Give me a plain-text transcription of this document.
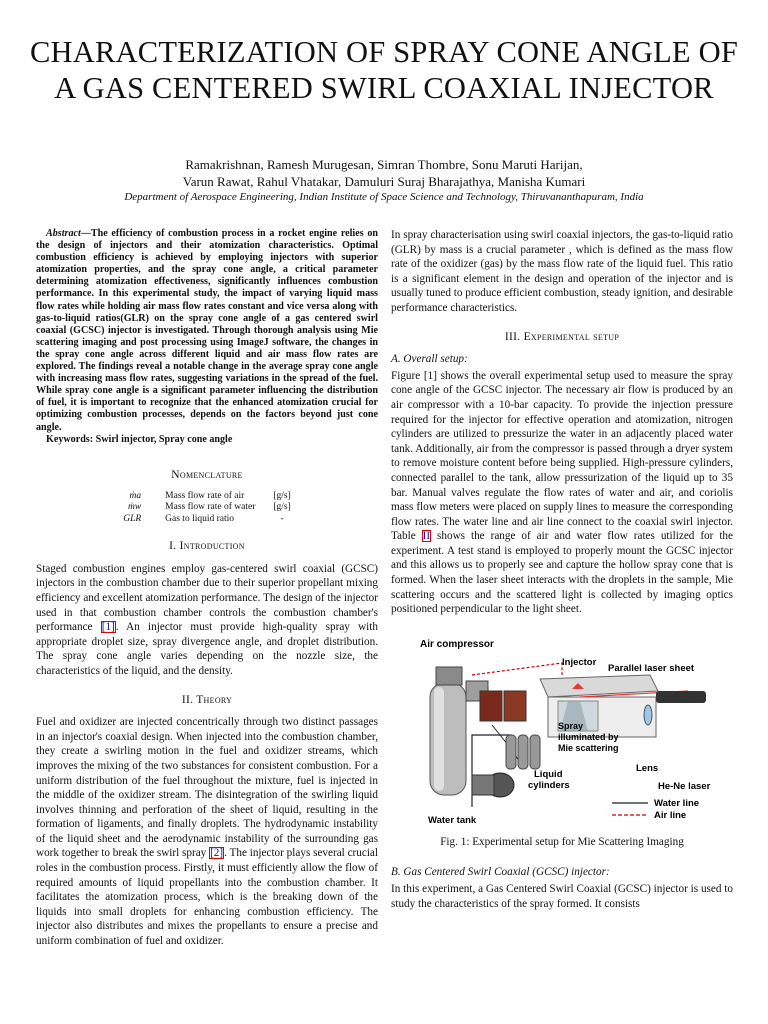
CHARACTERIZATION OF SPRAY CONE ANGLE OF A GAS CENTERED SWIRL COAXIAL INJECTOR
Ramakrishnan, Ramesh Murugesan, Simran Thombre, Sonu Maruti Harijan,
Varun Rawat, Rahul Vhatakar, Damuluri Suraj Bharajathya, Manisha Kumari
Department of Aerospace Engineering, Indian Institute of Space Science and Technology, Thiruvananthapuram, India

Abstract—The efficiency of combustion process in a rocket engine relies on the design of injectors and their atomization characteristics. Optimal combustion efficiency is achieved by employing injectors with superior atomization properties, and the spray cone angle, a critical parameter determining atomization effectiveness, significantly influences combustion performance. In this experimental study, the impact of varying liquid mass flow rates while holding air mass flow rates constant and vice versa along with gas-to-liquid ratios(GLR) on the spray cone angle of a gas centered swirl coaxial (GCSC) injector is investigated. Through thorough analysis using Mie scattering imaging and post processing using ImageJ software, the changes in the spray cone angle across different liquid and air mass flow rates are explored. The findings reveal a notable change in the average spray cone angle with increasing mass flow rates, suggesting variations in the spread of the fuel. While spray cone angle is a significant parameter influencing the distribution of fuel, it is important to recognize that the enhanced atomization crucial for optimizing combustion processes, depends on the factors beyond just cone angle.

Keywords: Swirl injector, Spray cone angle

Nomenclature
ṁa	Mass flow rate of air	[g/s]
ṁw	Mass flow rate of water	[g/s]
GLR	Gas to liquid ratio	-
I. Introduction

Staged combustion engines employ gas-centered swirl coaxial (GCSC) injectors in the combustion chamber due to their superior propellant mixing efficiency and excellent atomization performance. The design of the injector used in that combustion chamber controls the combustion chamber's performance [1]. An injector must provide high-quality spray with appropriate droplet size, spray divergence angle, and droplet distribution. The spray cone angle varies depending on the nozzle size, the characteristics of the liquid, and the density.

II. Theory

Fuel and oxidizer are injected concentrically through two distinct passages in an injector's coaxial design. When injected into the combustion chamber, they create a swirling motion in the fuel and oxidizer streams, which improves the mixing of the two substances for consistent combustion. For a uniform distribution of the fuel throughout the mixture, fuel is injected in the middle of the oxidizer stream. The disintegration of the swirling liquid involves thinning and perforation of the sheet of liquid, resulting in the formation of ligaments, and finally droplets. The hydrodynamic instability of the liquid sheet and the aerodynamic instability of the surrounding gas work together to break the swirl spray [2]. The injector plays several crucial roles in the combustion process. Firstly, it must efficiently allow the flow of required amounts of liquid propellants into the combustion chamber. It facilitates the atomization process, which is the breaking down of the liquids into small droplets for enhancing combustion efficiency. The injector also distributes and mixes the propellants to ensure a precise and uniform combination of fuel and oxidizer.

In spray characterisation using swirl coaxial injectors, the gas-to-liquid ratio (GLR) by mass is a crucial parameter , which is defined as the mass flow rate of the oxidizer (gas) by the mass flow rate of the liquid fuel. This ratio is a significant element in the design and operation of the injector and is usually tuned to produce efficient combustion, steady ignition, and desirable performance characteristics.

III. Experimental setup
A. Overall setup:

Figure [1] shows the overall experimental setup used to measure the spray cone angle of the GCSC injector. The necessary air flow is produced by an air compressor with a 10-bar capacity. To provide the injection pressure required for the injector for effective operation and atomization, nitrogen cylinders are utilized to pressurize the water in an adjacently placed water tank. Additionally, air from the compressor is passed through a dryer system to remove moisture content before being supplied. High-pressure cylinders, connected parallel to the tank, allow pressurization of the liquid up to 35 bar. Manual valves regulate the flow rates of water and air, and coriolis mass flow meters were placed on supply lines to measure the corresponding flow rates. The water line and air line connect to the coaxial swirl injector. Table II shows the range of air and water flow rates utilized for the experiment. A test stand is employed to properly mount the GCSC injector and this allows us to properly see and capture the hollow spray cone that is formed. When the laser sheet interacts with the droplets in the sample, Mie scattering occurs and the scattered light is collected by imaging optics positioned perpendicular to the light sheet.

Air compressor
Injector
Parallel laser sheet
Spray
illuminated by
Mie scattering
Lens
Liquid
cylinders	He-Ne laser
Water line
Air line
Water tank
Fig. 1: Experimental setup for Mie Scattering Imaging
B. Gas Centered Swirl Coaxial (GCSC) injector:

In this experiment, a Gas Centered Swirl Coaxial (GCSC) injector is used to study the characteristics of the spray formed. It consists
